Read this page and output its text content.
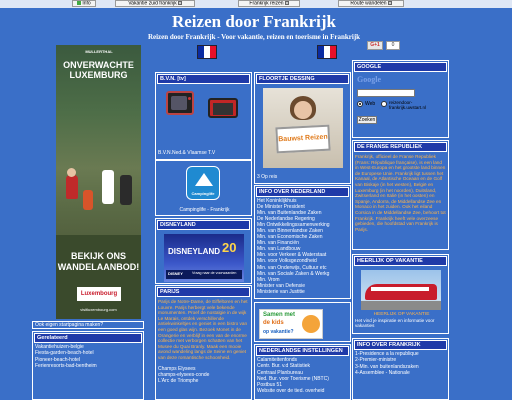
Info	Vakantie zuid frankrijk	Frankrijk reizen	Route wandelen
Reizen door Frankrijk
Reizen door Frankrijk - Voor vakantie, reizen en toerisme in Frankrijk
G+1	0
MULLERTHAL
ONVERWACHTE
LUXEMBURG
BEKIJK ONS
WANDELAANBOD!
Luxembourg
visitluxembourg.com
Ook eigen startpagina maken?
Gerelateerd
Vakantiehuizen-belgie
Fiesta-garden-beach-hotel
Pioneer-beach-hotel
Ferienresorts-bad-bentheim
B.V.N. [tv]
B.V.N.Ned.& Vlaamse T.V
Campinglife
Campinglife - Frankrijk
DISNEYLAND
DISNEYLAND 20
DISNEY	Vraag naar de voorwaarden
PARIJS
Parijs de Notre-Dame, de Eiffeltoren en het Louvre. Parijs herbergt vele bekende monumenten. Proef de nostalgie in de wijk Le Marais, ontdek verschillende antiekwinkeltjes en geniet in een bistro van een goed glas wijn. Bezoek Monet in de Orangerie en verblijf in een van de enorme collectie met verborgen schatten van het Musee du Quai Branly. Maak een mooie avond wandeling langs de Seine en geniet van deze romantische schoonheid.
Champs Elysees
champs-elysees-conde
L'Arc de Triomphe
FLOORTJE DESSING
Bauwst Reizen
3 Op reis
INFO OVER NEDERLAND
Het Koninklijkhuis
De Minister President
Min. van Buitenlandse Zaken
De Nederlandse Regering
Min Ontwikkelingssamenwerking
Min. van Binnenlandse Zaken
Min. van Economische Zaken
Min. van Financiën
Min. van Landbouw
Min. voor Verkeer & Waterstaat
Min. voor Volksgezondheid
Min. van Onderwijs, Cultuur etc
Min. van Sociale Zaken & Werkg
Min. Vrom
Minister van Defensie
Ministerie van Justitie
Samen met
de kids
op vakantie?
NEDERLANDSE INSTELLINGEN
Calamiteitenfonds
Centr. Bur. v.d Statistiek
Centraal Planbureau
Ned. Bur. voor Toerisme (NBTC)
Postbus 51
Website over de tied. overheid
GOOGLE
Google
Web	reizendoor-frankrijk.uwstart.nl
Zoeken
DE FRANSE REPUBLIEK
Frankrijk, officieel de Franse Republiek (Frans: République française), is een land in West-Europa en het grootste land binnen de Europese Unie. Frankrijk ligt tussen het Kanaal, de Atlantische Oceaan en de Golf van Biskaje (in het westen), België en Luxemburg (in het noorden), Duitsland, Zwitserland en Italië (in het oosten) en Spanje, Andorra, de Middellandse Zee en Monaco in het zuiden. Ook het eiland Corsica in de Middellandse Zee, behoort tot Frankrijk. Frankrijk heeft vele overzeese gebieden, die hoofdstad van Frankrijk is Parijs.
HEERLIJK OP VAKANTIE
HEERLIJK OP VAKANTIE
Het vind je inspiratie en informatie voor vakanties
INFO OVER FRANKRIJK
1-Presidence a la republique
2-Premier-ministre
3-Min. van buitenlandszaken
4-Assemblee - Nationale
